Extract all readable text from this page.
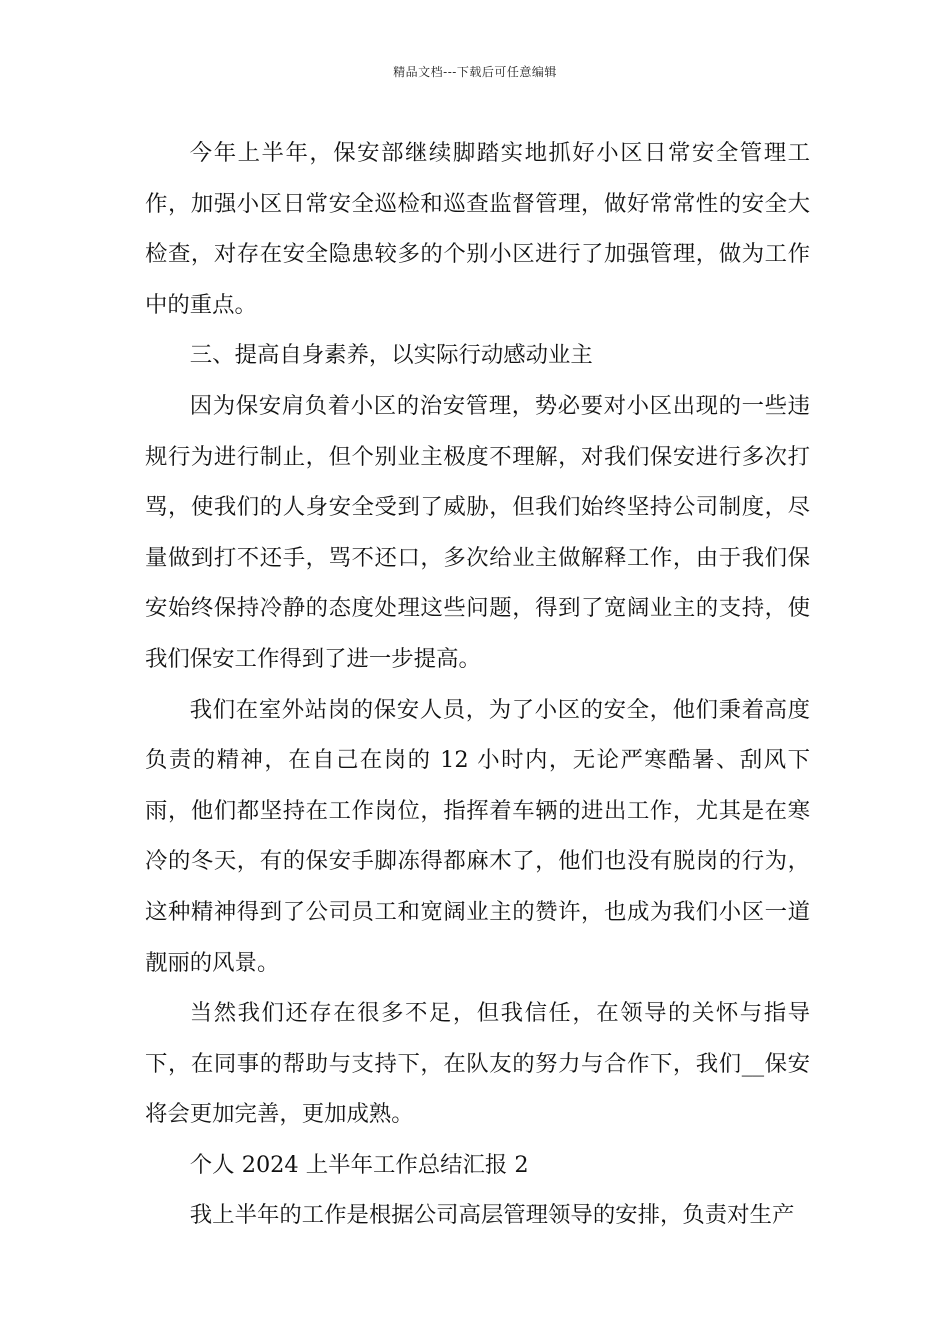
精品文档---下载后可任意编辑

今年上半年，保安部继续脚踏实地抓好小区日常安全管理工作，加强小区日常安全巡检和巡查监督管理，做好常常性的安全大检查，对存在安全隐患较多的个别小区进行了加强管理，做为工作中的重点。

三、提高自身素养，以实际行动感动业主

因为保安肩负着小区的治安管理，势必要对小区出现的一些违规行为进行制止，但个别业主极度不理解，对我们保安进行多次打骂，使我们的人身安全受到了威胁，但我们始终坚持公司制度，尽量做到打不还手，骂不还口，多次给业主做解释工作，由于我们保安始终保持冷静的态度处理这些问题，得到了宽阔业主的支持，使我们保安工作得到了进一步提高。

我们在室外站岗的保安人员，为了小区的安全，他们秉着高度负责的精神，在自己在岗的 12 小时内，无论严寒酷暑、刮风下雨，他们都坚持在工作岗位，指挥着车辆的进出工作，尤其是在寒冷的冬天，有的保安手脚冻得都麻木了，他们也没有脱岗的行为，这种精神得到了公司员工和宽阔业主的赞许，也成为我们小区一道靓丽的风景。

当然我们还存在很多不足，但我信任，在领导的关怀与指导下，在同事的帮助与支持下，在队友的努力与合作下，我们__保安将会更加完善，更加成熟。

个人 2024 上半年工作总结汇报 2

我上半年的工作是根据公司高层管理领导的安排，负责对生产
